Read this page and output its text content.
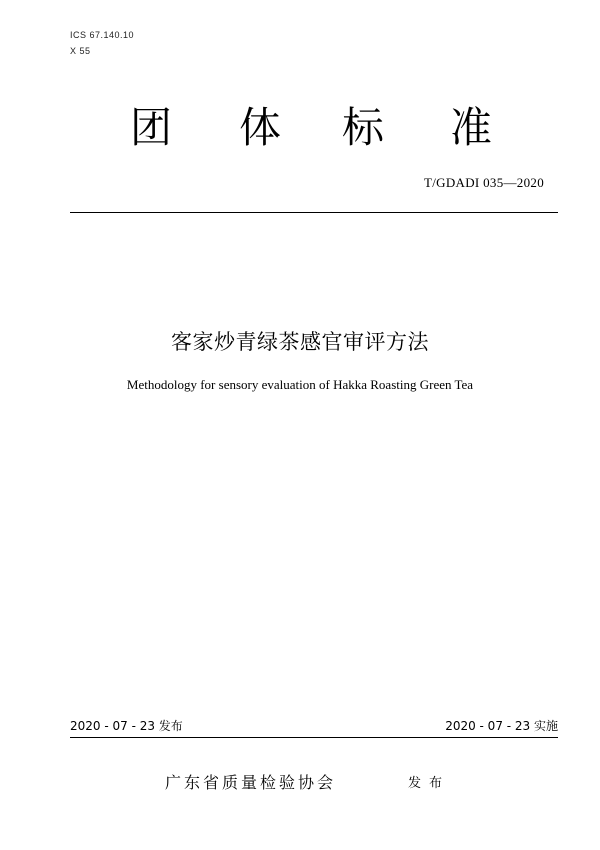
ICS 67.140.10
X 55
团 体 标 准
T/GDADI 035—2020
客家炒青绿茶感官审评方法
Methodology for sensory evaluation of Hakka Roasting Green Tea
2020 - 07 - 23 发布	2020 - 07 - 23 实施
广东省质量检验协会	发布
